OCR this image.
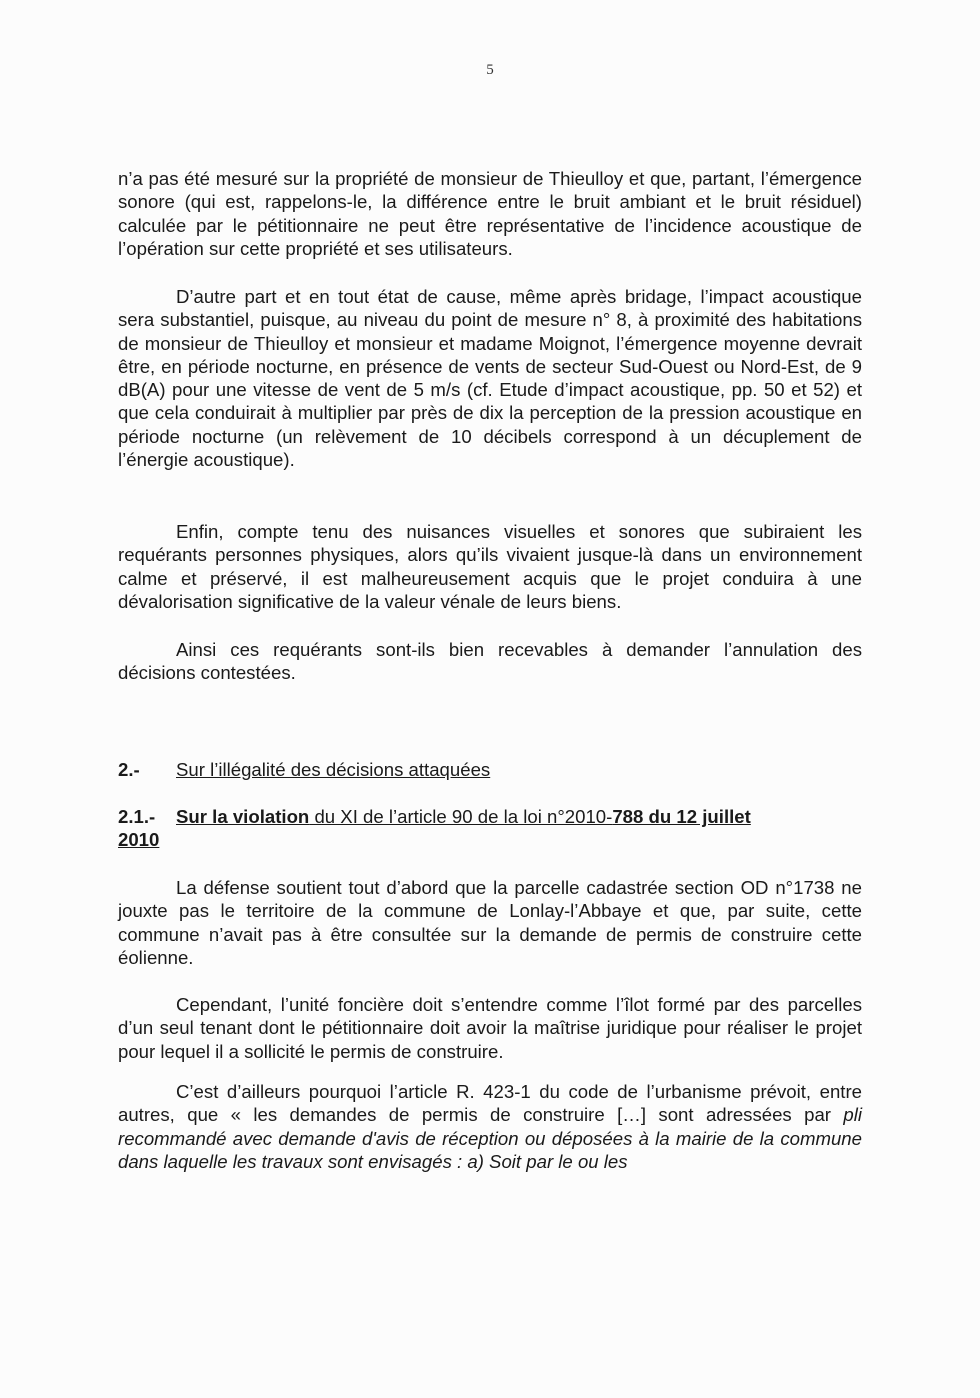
5

n’a pas été mesuré sur la propriété de monsieur de Thieulloy et que, partant, l’émergence sonore (qui est, rappelons-le, la différence entre le bruit ambiant et le bruit résiduel) calculée par le pétitionnaire ne peut être représentative de l’incidence acoustique de l’opération sur cette propriété et ses utilisateurs.

D’autre part et en tout état de cause, même après bridage, l’impact acoustique sera substantiel, puisque, au niveau du point de mesure n° 8, à proximité des habitations de monsieur de Thieulloy et monsieur et madame Moignot, l’émergence moyenne devrait être, en période nocturne, en présence de vents de secteur Sud-Ouest ou Nord-Est, de 9 dB(A) pour une vitesse de vent de 5 m/s (cf. Etude d’impact acoustique, pp. 50 et 52) et que cela conduirait à multiplier par près de dix la perception de la pression acoustique en période nocturne (un relèvement de 10 décibels correspond à un décuplement de l’énergie acoustique).

Enfin, compte tenu des nuisances visuelles et sonores que subiraient les requérants personnes physiques, alors qu’ils vivaient jusque-là dans un environnement calme et préservé, il est malheureusement acquis que le projet conduira à une dévalorisation significative de la valeur vénale de leurs biens.

Ainsi ces requérants sont-ils bien recevables à demander l’annulation des décisions contestées.

2.- Sur l’illégalité des décisions attaquées
2.1.- Sur la violation du XI de l’article 90 de la loi n°2010-788 du 12 juillet
2010

La défense soutient tout d’abord que la parcelle cadastrée section OD n°1738 ne jouxte pas le territoire de la commune de Lonlay-l’Abbaye et que, par suite, cette commune n’avait pas à être consultée sur la demande de permis de construire cette éolienne.

Cependant, l’unité foncière doit s’entendre comme l’îlot formé par des parcelles d’un seul tenant dont le pétitionnaire doit avoir la maîtrise juridique pour réaliser le projet pour lequel il a sollicité le permis de construire.

C’est d’ailleurs pourquoi l’article R. 423-1 du code de l’urbanisme prévoit, entre autres, que « les demandes de permis de construire […] sont adressées par pli recommandé avec demande d'avis de réception ou déposées à la mairie de la commune dans laquelle les travaux sont envisagés : a) Soit par le ou les
